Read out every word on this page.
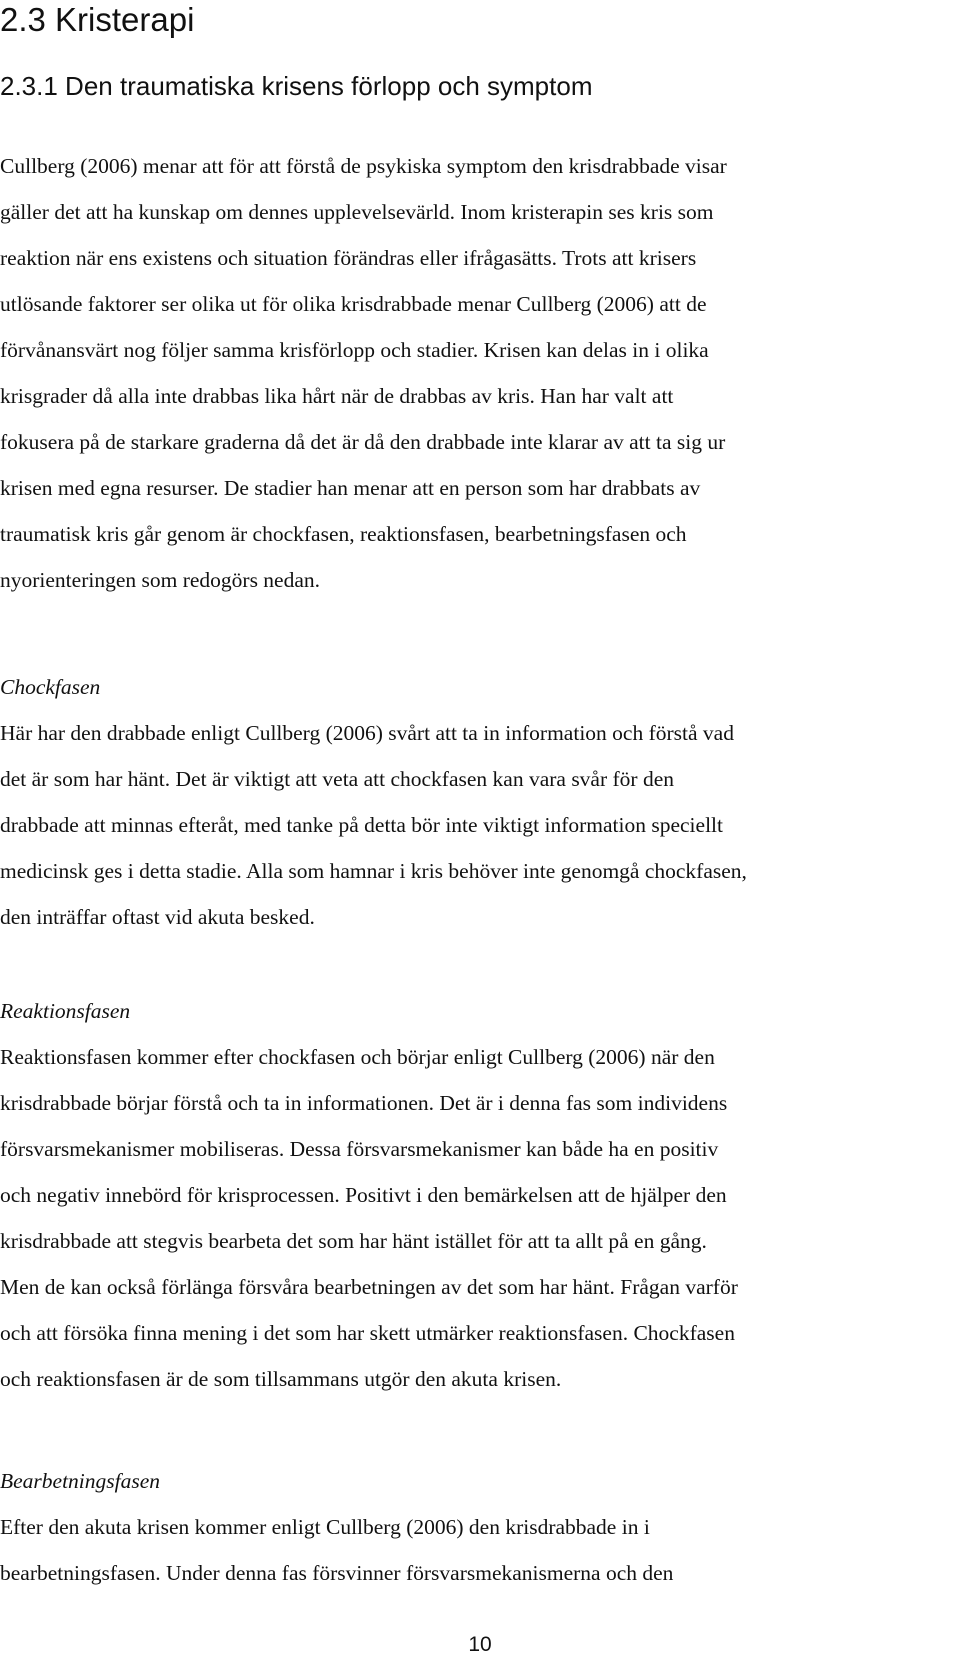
2.3 Kristerapi
2.3.1 Den traumatiska krisens förlopp och symptom
Cullberg (2006) menar att för att förstå de psykiska symptom den krisdrabbade visar
gäller det att ha kunskap om dennes upplevelsevärld. Inom kristerapin ses kris som
reaktion när ens existens och situation förändras eller ifrågasätts. Trots att krisers
utlösande faktorer ser olika ut för olika krisdrabbade menar Cullberg (2006) att de
förvånansvärt nog följer samma krisförlopp och stadier. Krisen kan delas in i olika
krisgrader då alla inte drabbas lika hårt när de drabbas av kris. Han har valt att
fokusera på de starkare graderna då det är då den drabbade inte klarar av att ta sig ur
krisen med egna resurser. De stadier han menar att en person som har drabbats av
traumatisk kris går genom är chockfasen, reaktionsfasen, bearbetningsfasen och
nyorienteringen som redogörs nedan.
Chockfasen
Här har den drabbade enligt Cullberg (2006) svårt att ta in information och förstå vad
det är som har hänt. Det är viktigt att veta att chockfasen kan vara svår för den
drabbade att minnas efteråt, med tanke på detta bör inte viktigt information speciellt
medicinsk ges i detta stadie. Alla som hamnar i kris behöver inte genomgå chockfasen,
den inträffar oftast vid akuta besked.
Reaktionsfasen
Reaktionsfasen kommer efter chockfasen och börjar enligt Cullberg (2006) när den
krisdrabbade börjar förstå och ta in informationen. Det är i denna fas som individens
försvarsmekanismer mobiliseras. Dessa försvarsmekanismer kan både ha en positiv
och negativ innebörd för krisprocessen. Positivt i den bemärkelsen att de hjälper den
krisdrabbade att stegvis bearbeta det som har hänt istället för att ta allt på en gång.
Men de kan också förlänga försvåra bearbetningen av det som har hänt. Frågan varför
och att försöka finna mening i det som har skett utmärker reaktionsfasen. Chockfasen
och reaktionsfasen är de som tillsammans utgör den akuta krisen.
Bearbetningsfasen
Efter den akuta krisen kommer enligt Cullberg (2006) den krisdrabbade in i
bearbetningsfasen. Under denna fas försvinner försvarsmekanismerna och den
10
